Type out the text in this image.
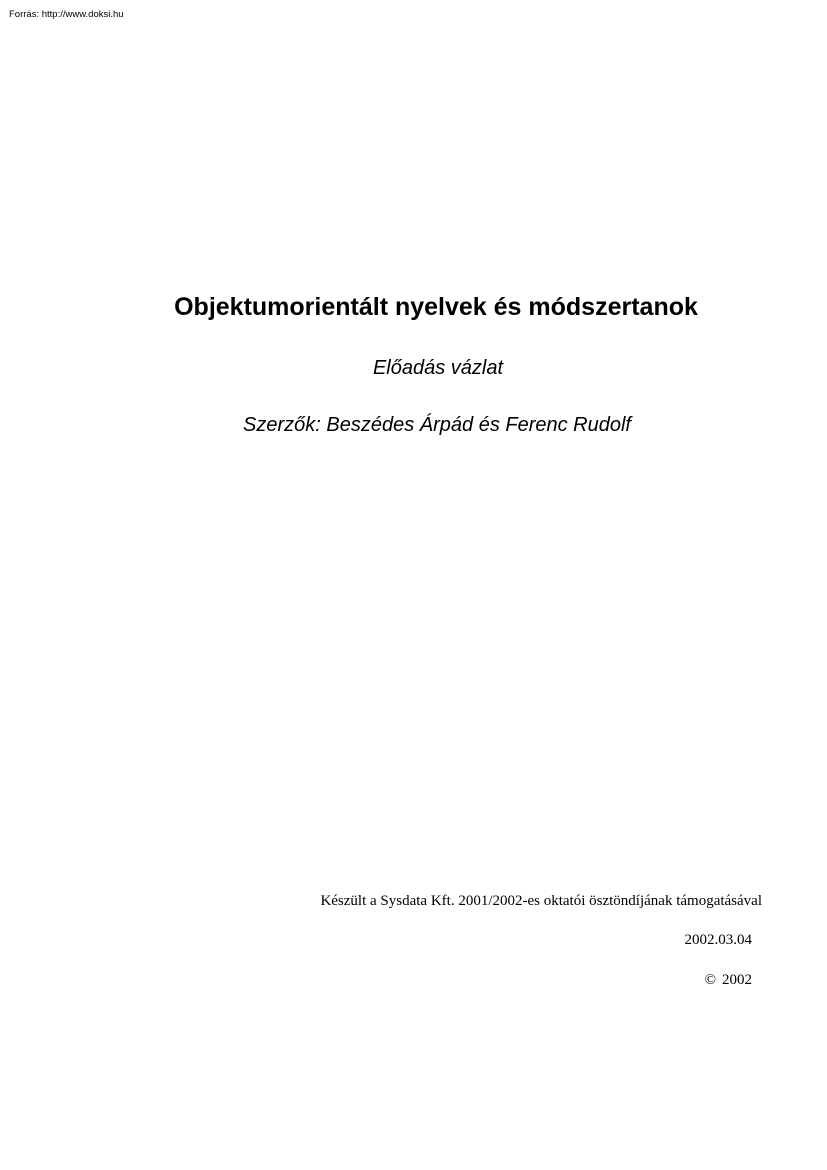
Forrás: http://www.doksi.hu
Objektumorientált nyelvek és módszertanok
Előadás vázlat
Szerzők: Beszédes Árpád és Ferenc Rudolf
Készült a Sysdata Kft. 2001/2002-es oktatói ösztöndíjának támogatásával
2002.03.04
© 2002
